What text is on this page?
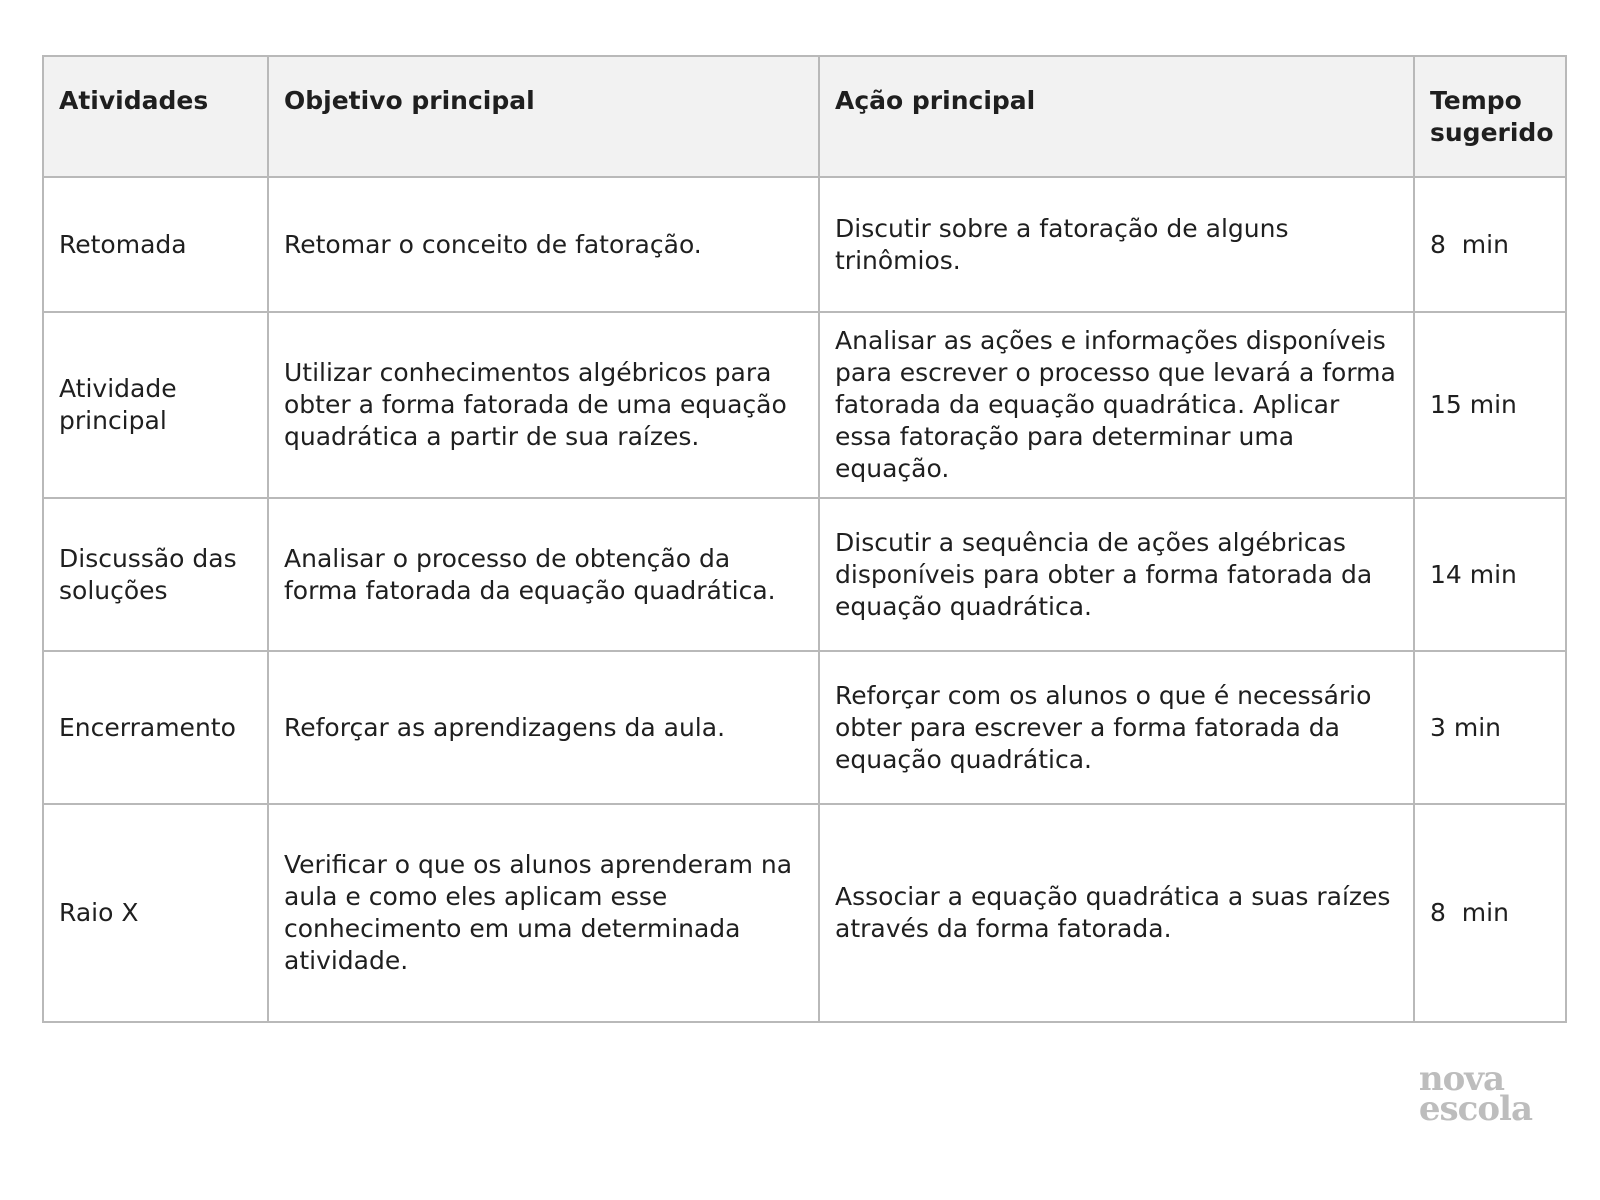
Atividades	Objetivo principal	Ação principal	Tempo sugerido
Retomada	Retomar o conceito de fatoração.	Discutir sobre a fatoração de alguns trinômios.	8  min
Atividade principal	Utilizar conhecimentos algébricos para obter a forma fatorada de uma equação quadrática a partir de sua raízes.	Analisar as ações e informações disponíveis para escrever o processo que levará a forma fatorada da equação quadrática. Aplicar essa fatoração para determinar uma equação.	15 min
Discussão das soluções	Analisar o processo de obtenção da forma fatorada da equação quadrática.	Discutir a sequência de ações algébricas disponíveis para obter a forma fatorada da equação quadrática.	14 min
Encerramento	Reforçar as aprendizagens da aula.	Reforçar com os alunos o que é necessário obter para escrever a forma fatorada da equação quadrática.	3 min
Raio X	Verificar o que os alunos aprenderam na aula e como eles aplicam esse conhecimento em uma determinada atividade.	Associar a equação quadrática a suas raízes através da forma fatorada.	8  min
nova
escola
